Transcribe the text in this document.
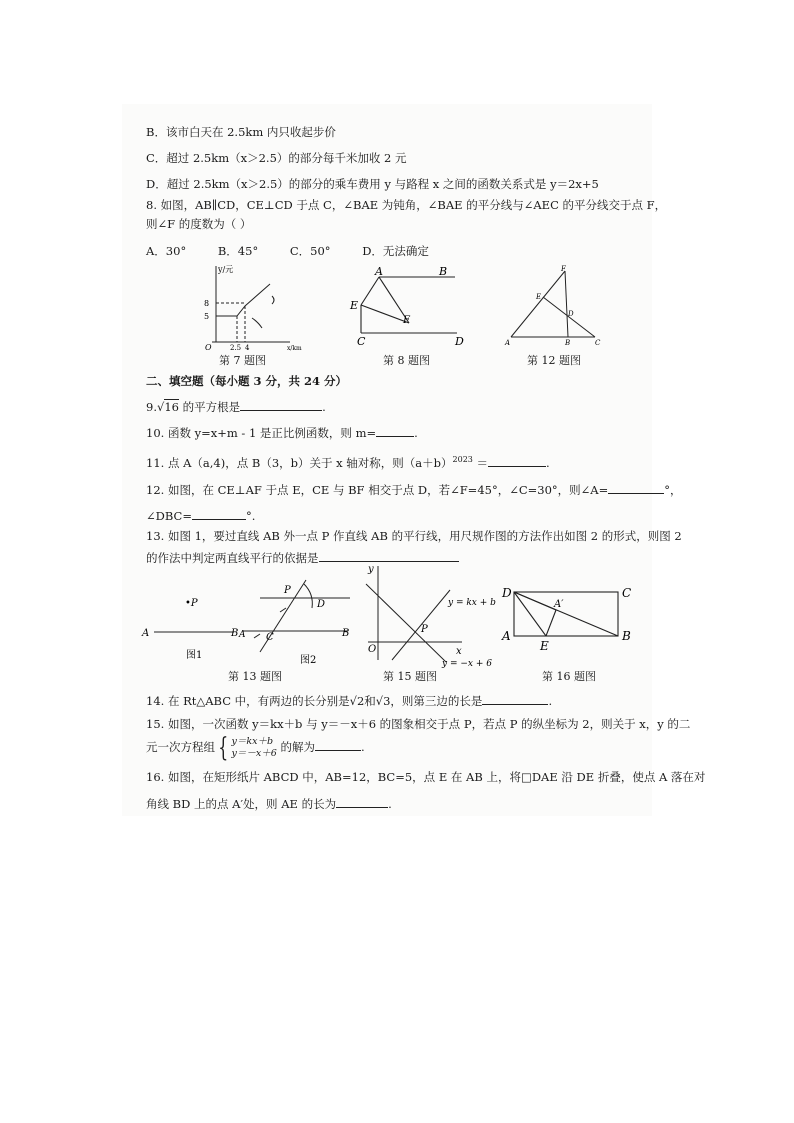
B．该市白天在 2.5km 内只收起步价
C．超过 2.5km（x＞2.5）的部分每千米加收 2 元
D．超过 2.5km（x＞2.5）的部分的乘车费用 y 与路程 x 之间的函数关系式是 y＝2x+5
8. 如图，AB∥CD，CE⊥CD 于点 C，∠BAE 为钝角，∠BAE 的平分线与∠AEC 的平分线交于点 F，
则∠F 的度数为（ ）
A．30°	B．45°	C．50°	D．无法确定
y/元
8
5
O	2.5 4	x/km
第 7 题图
A	B
E
F
C	D
第 8 题图
F
E
D
A	B	C
第 12 题图
二、填空题（每小题 3 分，共 24 分）
9.√16 的平方根是	.
10. 函数 y=x+m - 1 是正比例函数，则 m=	.
11. 点 A（a,4)，点 B（3，b）关于 x 轴对称，则$(a+b)^{2023}$ ＝	.
12. 如图，在 CE⊥AF 于点 E，CE 与 BF 相交于点 D，若∠F=45°，∠C=30°，则∠A=	°，
∠DBC=	°.
13. 如图 1，要过直线 AB 外一点 P 作直线 AB 的平行线，用尺规作图的方法作出如图 2 的形式，则图 2
的作法中判定两直线平行的依据是
•P
A	B
P
D
A C	B
图1	图2
第 13 题图
y
x
O
P
y = kx + b
y = −x + 6
第 15 题图
D	C
A′
A
E
B
第 16 题图
14. 在 Rt△ABC 中，有两边的长分别是√2和√3，则第三边的长是	.
15. 如图，一次函数 y＝kx＋b 与 y＝－x＋6 的图象相交于点 P，若点 P 的纵坐标为 2，则关于 x，y 的二
元一次方程组 { y＝kx＋b
y＝－x＋6 的解为	.
16. 如图，在矩形纸片 ABCD 中，AB=12，BC=5，点 E 在 AB 上，将□DAE 沿 DE 折叠，使点 A 落在对
角线 BD 上的点 A′处，则 AE 的长为	.
